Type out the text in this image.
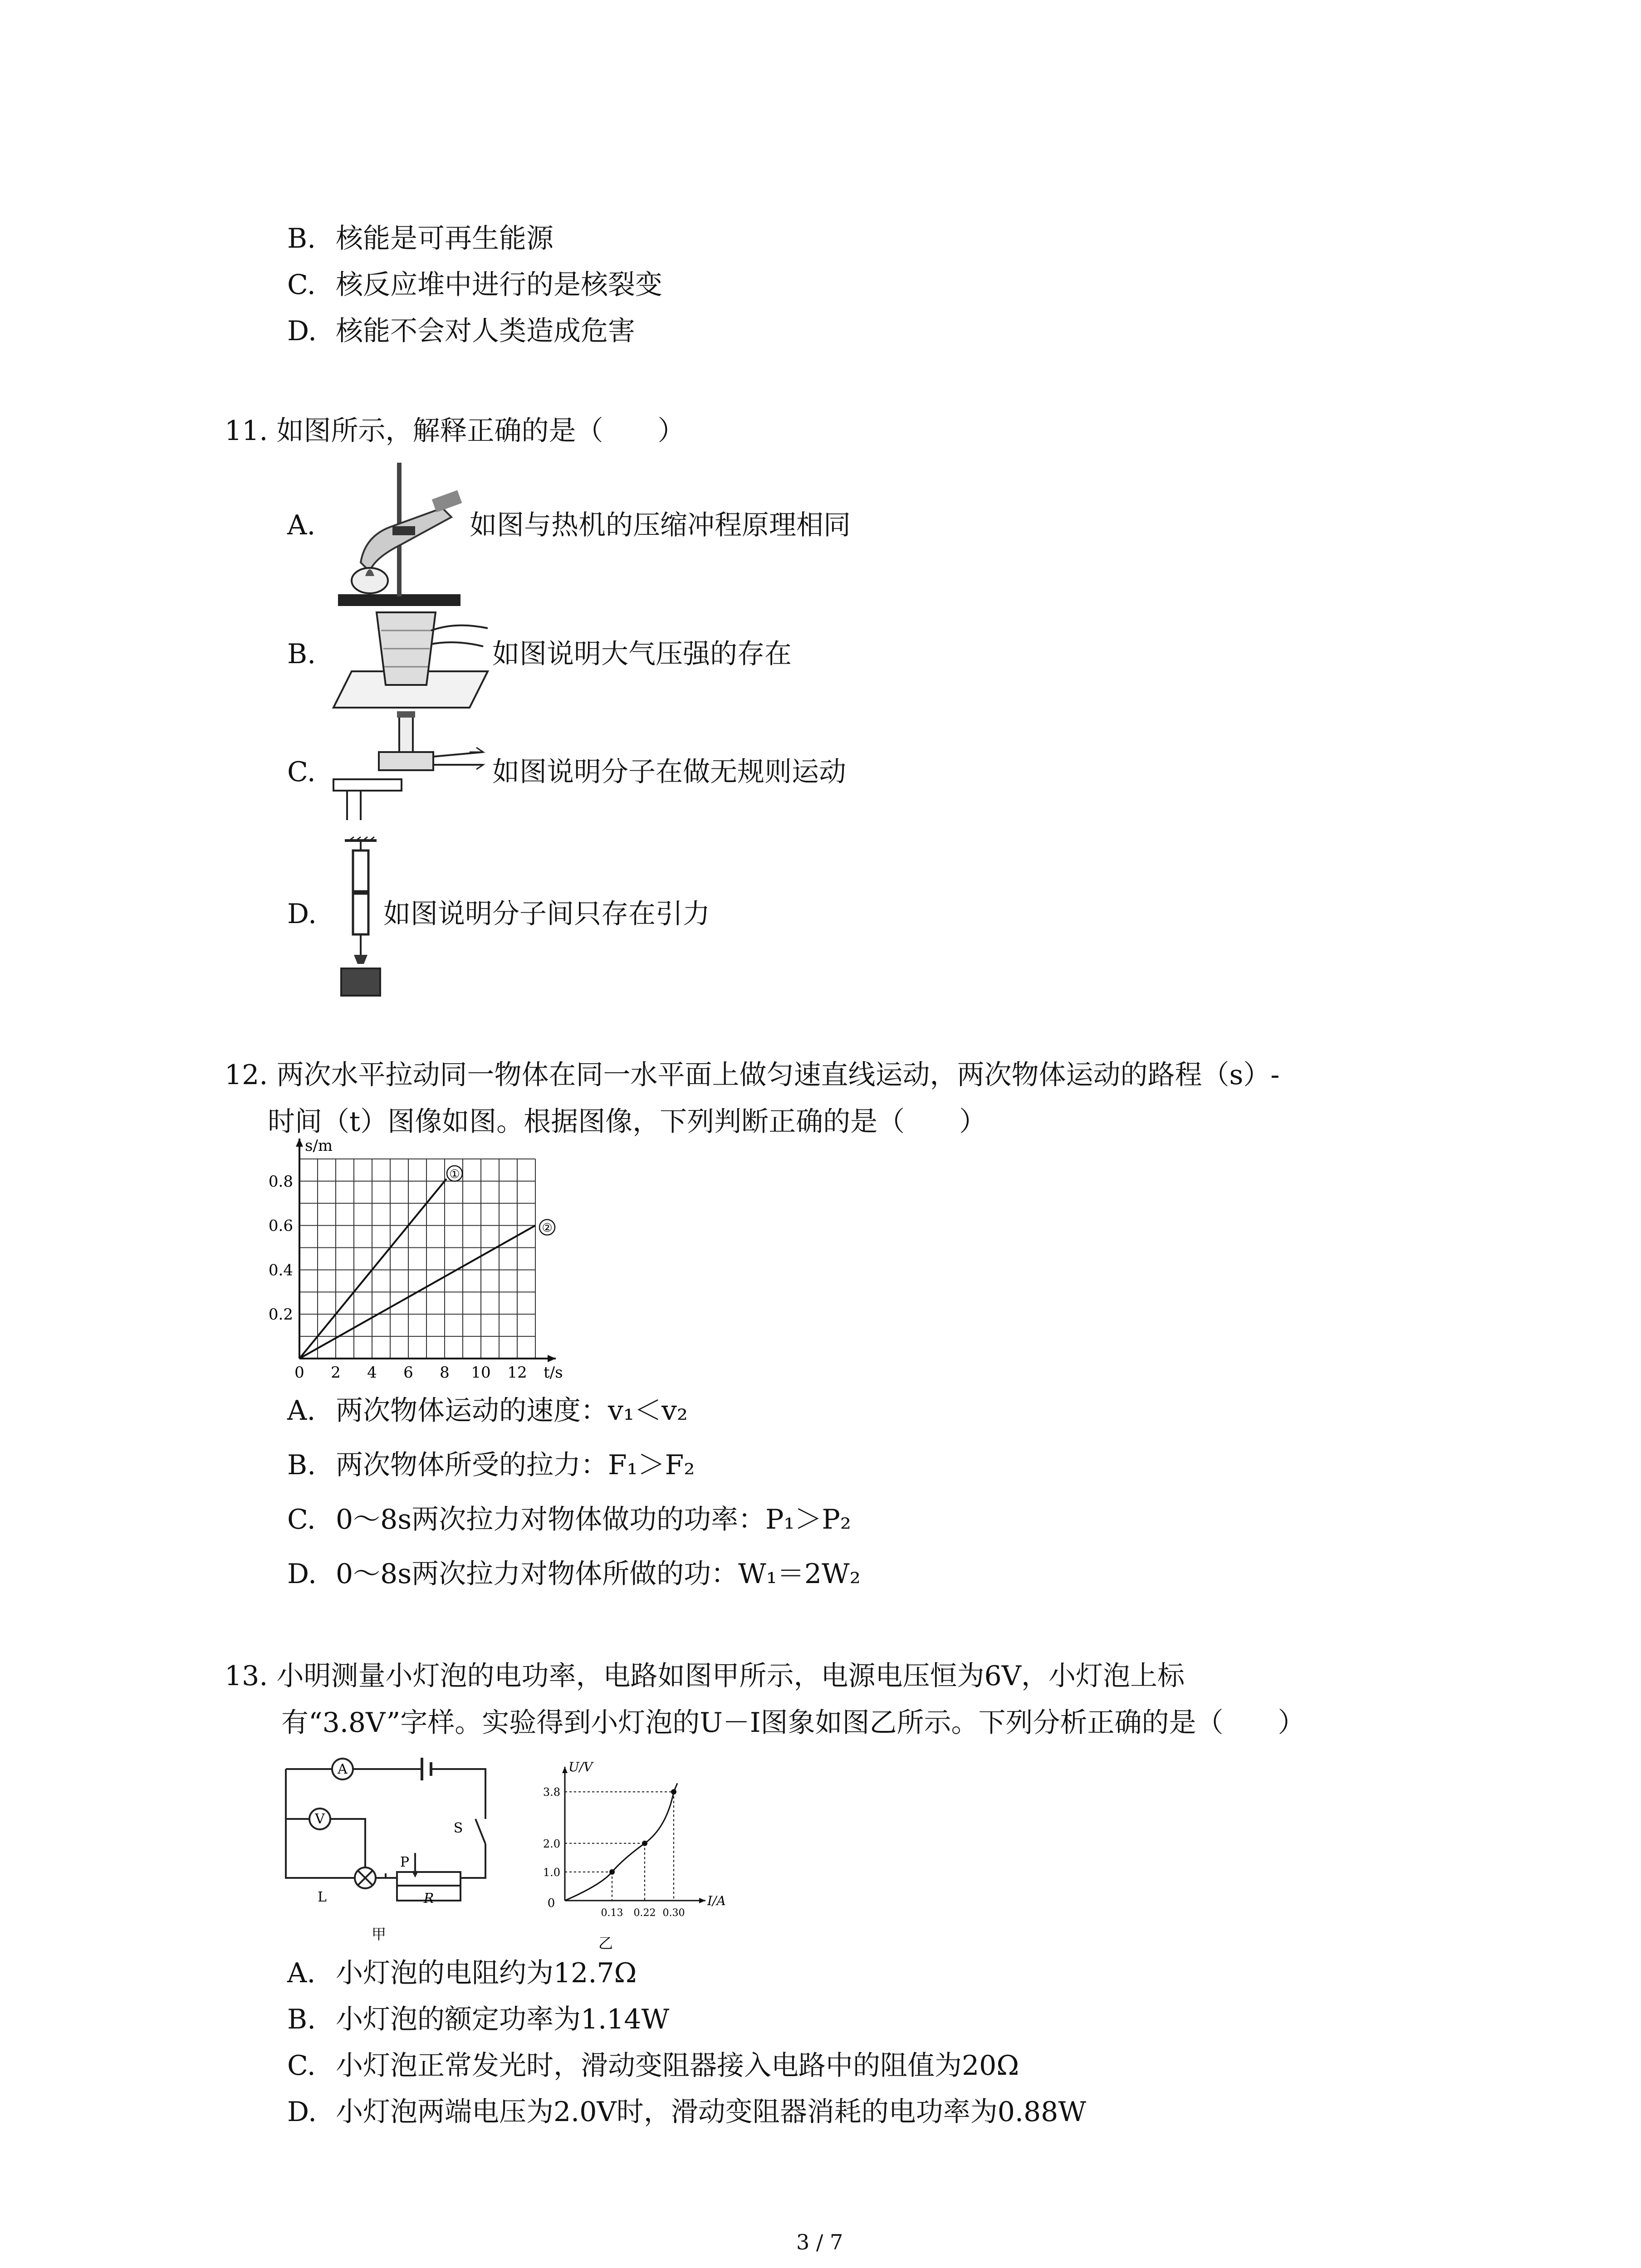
B. 核能是可再生能源
C. 核反应堆中进行的是核裂变
D. 核能不会对人类造成危害
11. 如图所示，解释正确的是（　　）
A.	如图与热机的压缩冲程原理相同
B.	如图说明大气压强的存在
C.	如图说明分子在做无规则运动
D. 如图说明分子间只存在引力
12. 两次水平拉动同一物体在同一水平面上做匀速直线运动，两次物体运动的路程（s）-
时间（t）图像如图。根据图像，下列判断正确的是（　　）
0 2 4 6 8 10 12
0.2
0.4
0.6
0.8
s/m
t/s
①
②
A. 两次物体运动的速度：v₁＜v₂
B. 两次物体所受的拉力：F₁＞F₂
C. 0～8s两次拉力对物体做功的功率：P₁＞P₂
D. 0～8s两次拉力对物体所做的功：W₁＝2W₂
13. 小明测量小灯泡的电功率，电路如图甲所示，电源电压恒为6V，小灯泡上标
有“3.8V”字样。实验得到小灯泡的U－I图象如图乙所示。下列分析正确的是（　　）
A
V
S
P
L	R
甲
U/V
I/A
0
0.13 0.22 0.30
1.0
2.0
3.8
乙
A. 小灯泡的电阻约为12.7Ω
B. 小灯泡的额定功率为1.14W
C. 小灯泡正常发光时，滑动变阻器接入电路中的阻值为20Ω
D. 小灯泡两端电压为2.0V时，滑动变阻器消耗的电功率为0.88W
3 / 7
